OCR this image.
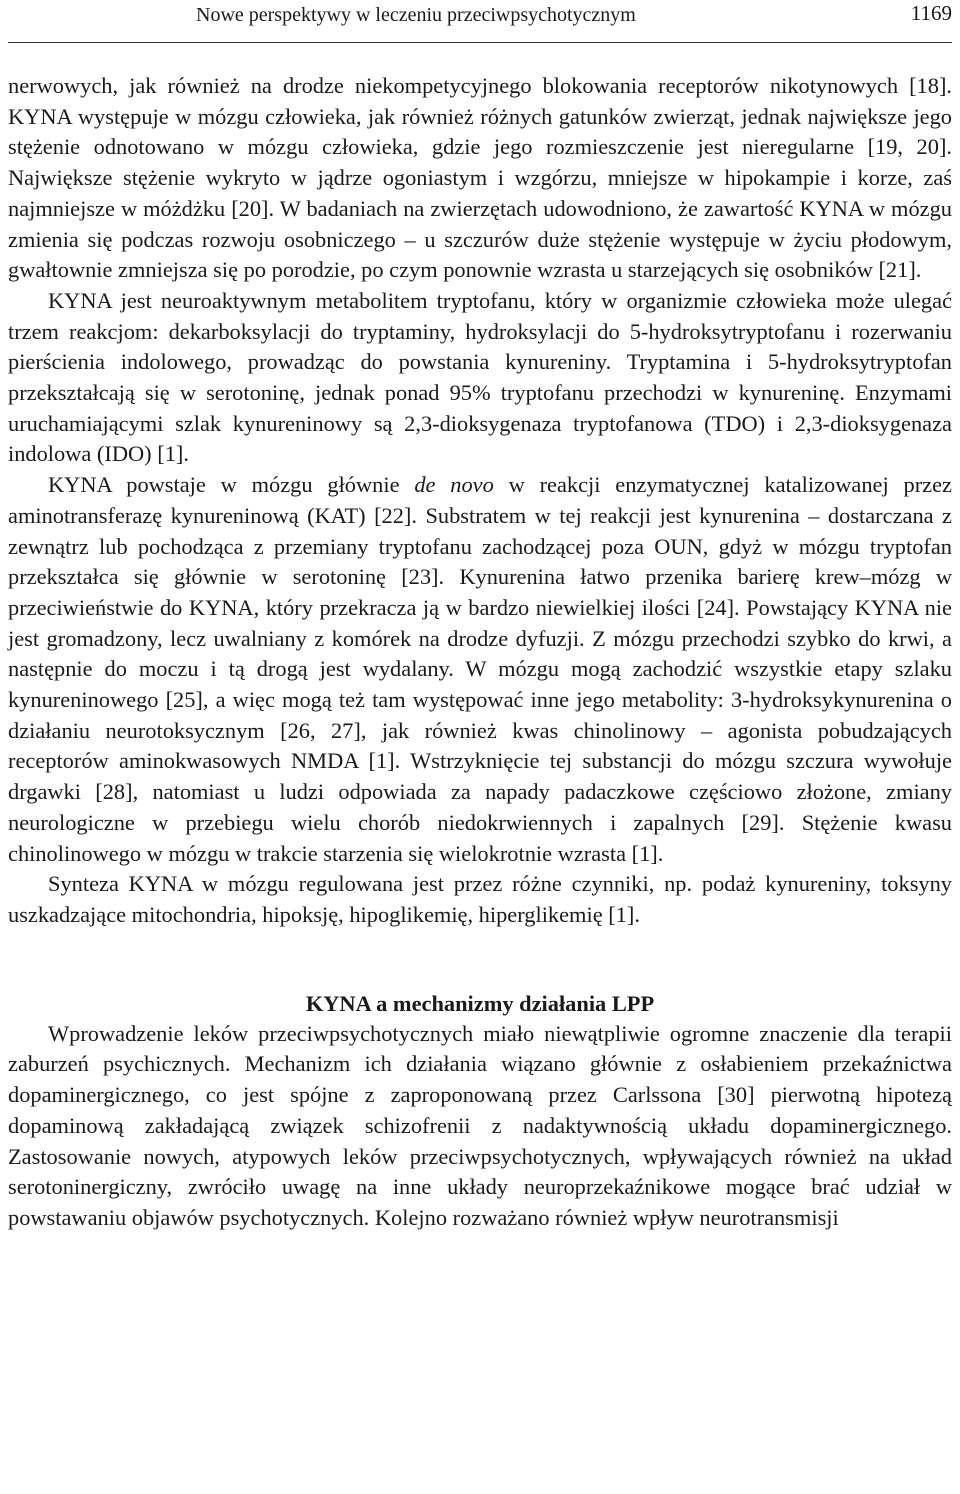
Nowe perspektywy w leczeniu przeciwpsychotycznym	1169

nerwowych, jak również na drodze niekompetycyjnego blokowania receptorów nikotynowych [18]. KYNA występuje w mózgu człowieka, jak również różnych gatunków zwierząt, jednak największe jego stężenie odnotowano w mózgu człowieka, gdzie jego rozmieszczenie jest nieregularne [19, 20]. Największe stężenie wykryto w jądrze ogoniastym i wzgórzu, mniejsze w hipokampie i korze, zaś najmniejsze w móżdżku [20]. W badaniach na zwierzętach udowodniono, że zawartość KYNA w mózgu zmienia się podczas rozwoju osobniczego – u szczurów duże stężenie występuje w życiu płodowym, gwałtownie zmniejsza się po porodzie, po czym ponownie wzrasta u starzejących się osobników [21].

KYNA jest neuroaktywnym metabolitem tryptofanu, który w organizmie człowieka może ulegać trzem reakcjom: dekarboksylacji do tryptaminy, hydroksylacji do 5-hydroksytryptofanu i rozerwaniu pierścienia indolowego, prowadząc do powstania kynureniny. Tryptamina i 5-hydroksytryptofan przekształcają się w serotoninę, jednak ponad 95% tryptofanu przechodzi w kynureninę. Enzymami uruchamiającymi szlak kynureninowy są 2,3-dioksygenaza tryptofanowa (TDO) i 2,3-dioksygenaza indolowa (IDO) [1].

KYNA powstaje w mózgu głównie de novo w reakcji enzymatycznej katalizowanej przez aminotransferazę kynureninową (KAT) [22]. Substratem w tej reakcji jest kynurenina – dostarczana z zewnątrz lub pochodząca z przemiany tryptofanu zachodzącej poza OUN, gdyż w mózgu tryptofan przekształca się głównie w serotoninę [23]. Kynurenina łatwo przenika barierę krew–mózg w przeciwieństwie do KYNA, który przekracza ją w bardzo niewielkiej ilości [24]. Powstający KYNA nie jest gromadzony, lecz uwalniany z komórek na drodze dyfuzji. Z mózgu przechodzi szybko do krwi, a następnie do moczu i tą drogą jest wydalany. W mózgu mogą zachodzić wszystkie etapy szlaku kynureninowego [25], a więc mogą też tam występować inne jego metabolity: 3-hydroksykynurenina o działaniu neurotoksycznym [26, 27], jak również kwas chinolinowy – agonista pobudzających receptorów aminokwasowych NMDA [1]. Wstrzyknięcie tej substancji do mózgu szczura wywołuje drgawki [28], natomiast u ludzi odpowiada za napady padaczkowe częściowo złożone, zmiany neurologiczne w przebiegu wielu chorób niedokrwiennych i zapalnych [29]. Stężenie kwasu chinolinowego w mózgu w trakcie starzenia się wielokrotnie wzrasta [1].

Synteza KYNA w mózgu regulowana jest przez różne czynniki, np. podaż kynureniny, toksyny uszkadzające mitochondria, hipoksję, hipoglikemię, hiperglikemię [1].

KYNA a mechanizmy działania LPP

Wprowadzenie leków przeciwpsychotycznych miało niewątpliwie ogromne znaczenie dla terapii zaburzeń psychicznych. Mechanizm ich działania wiązano głównie z osłabieniem przekaźnictwa dopaminergicznego, co jest spójne z zaproponowaną przez Carlssona [30] pierwotną hipotezą dopaminową zakładającą związek schizofrenii z nadaktywnością układu dopaminergicznego. Zastosowanie nowych, atypowych leków przeciwpsychotycznych, wpływających również na układ serotoninergiczny, zwróciło uwagę na inne układy neuroprzekaźnikowe mogące brać udział w powstawaniu objawów psychotycznych. Kolejno rozważano również wpływ neurotransmisji
